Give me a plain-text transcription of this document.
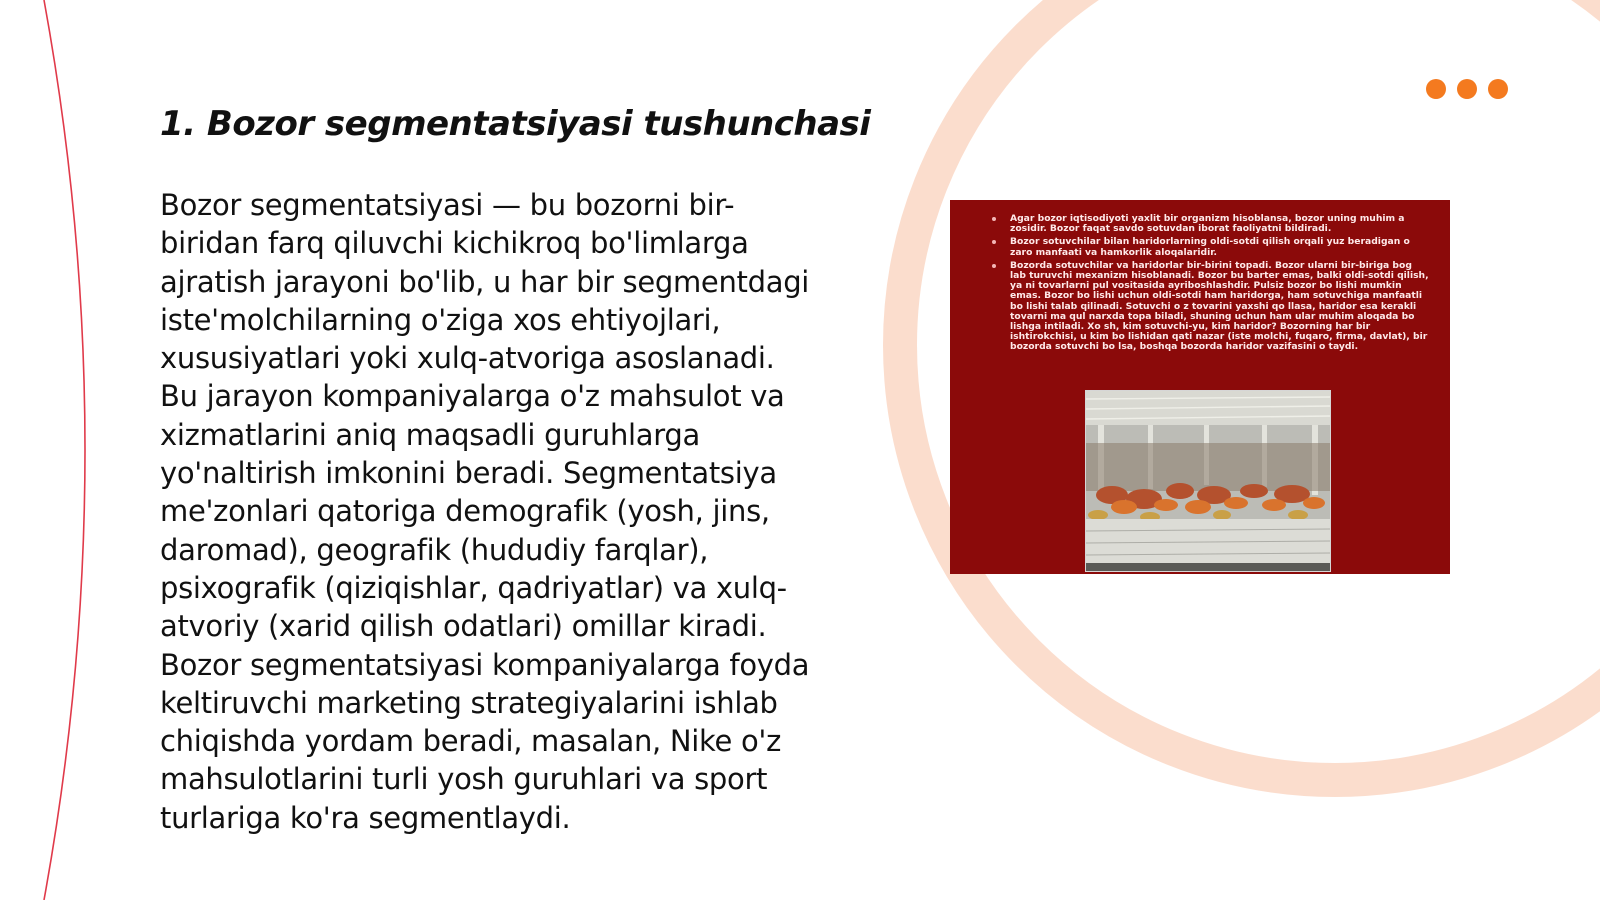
1. Bozor segmentatsiyasi tushunchasi

Bozor segmentatsiyasi — bu bozorni bir-biridan farq qiluvchi kichikroq bo'limlarga ajratish jarayoni bo'lib, u har bir segmentdagi iste'molchilarning o'ziga xos ehtiyojlari, xususiyatlari yoki xulq-atvoriga asoslanadi. Bu jarayon kompaniyalarga o'z mahsulot va xizmatlarini aniq maqsadli guruhlarga yo'naltirish imkonini beradi. Segmentatsiya me'zonlari qatoriga demografik (yosh, jins, daromad), geografik (hududiy farqlar), psixografik (qiziqishlar, qadriyatlar) va xulq-atvoriy (xarid qilish odatlari) omillar kiradi. Bozor segmentatsiyasi kompaniyalarga foyda keltiruvchi marketing strategiyalarini ishlab chiqishda yordam beradi, masalan, Nike o'z mahsulotlarini turli yosh guruhlari va sport turlariga ko'ra segmentlaydi.

Agar bozor iqtisodiyoti yaxlit bir organizm hisoblansa, bozor uning muhim a zosidir. Bozor faqat savdo sotuvdan iborat faoliyatni bildiradi.
Bozor sotuvchilar bilan haridorlarning oldi-sotdi qilish orqali yuz beradigan o zaro manfaati va hamkorlik aloqalaridir.
Bozorda sotuvchilar va haridorlar bir-birini topadi. Bozor ularni bir-biriga bog lab turuvchi mexanizm hisoblanadi. Bozor bu barter emas, balki oldi-sotdi qilish, ya ni tovarlarni pul vositasida ayriboshlashdir. Pulsiz bozor bo lishi mumkin emas. Bozor bo lishi uchun oldi-sotdi ham haridorga, ham sotuvchiga manfaatli bo lishi talab qilinadi. Sotuvchi o z tovarini yaxshi qo llasa, haridor esa kerakli tovarni ma qul narxda topa biladi, shuning uchun ham ular muhim aloqada bo lishga intiladi. Xo sh, kim sotuvchi-yu, kim haridor? Bozorning har bir ishtirokchisi, u kim bo lishidan qati nazar (iste molchi, fuqaro, firma, davlat), bir bozorda sotuvchi bo lsa, boshqa bozorda haridor vazifasini o taydi.
